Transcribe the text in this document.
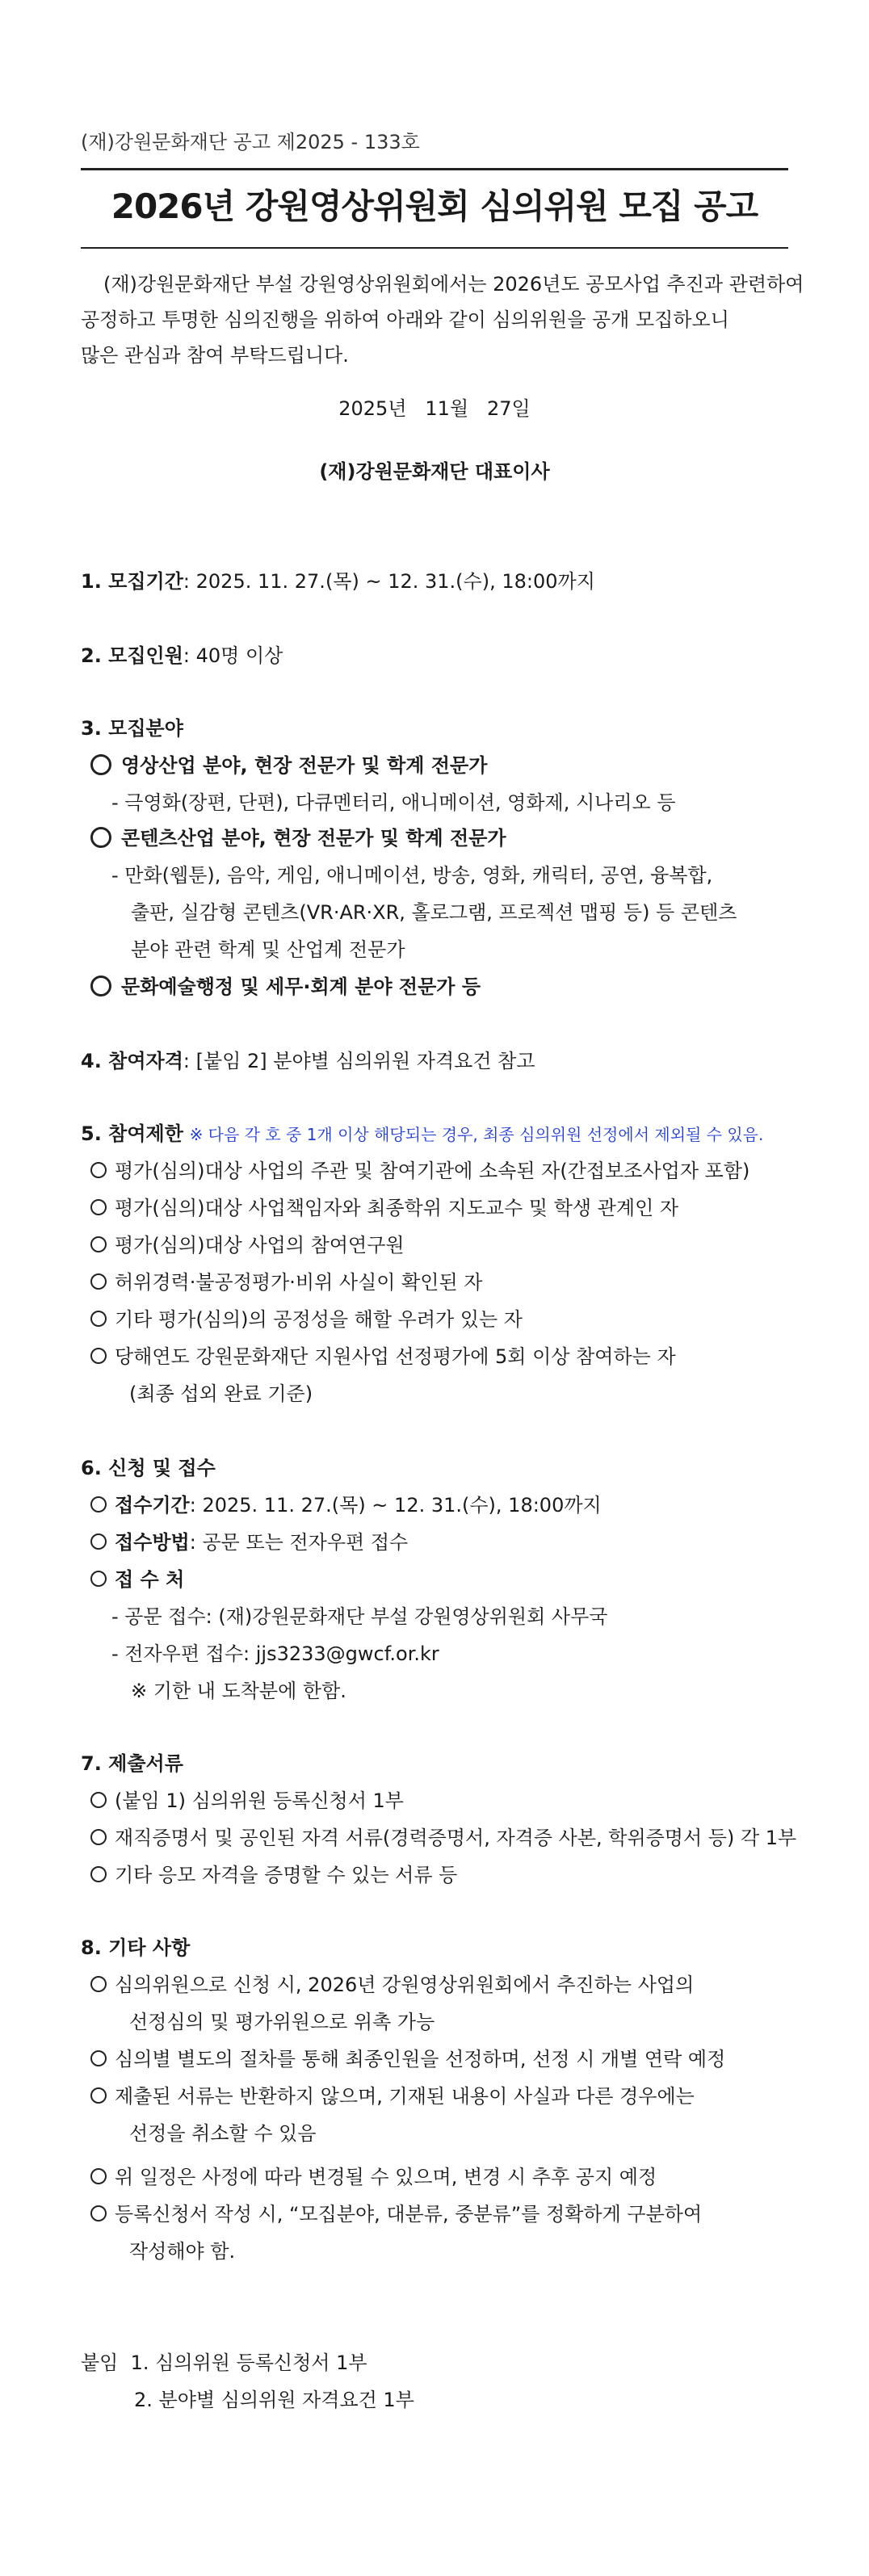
(재)강원문화재단 공고 제2025 - 133호
2026년 강원영상위원회 심의위원 모집 공고
(재)강원문화재단 부설 강원영상위원회에서는 2026년도 공모사업 추진과 관련하여
공정하고 투명한 심의진행을 위하여 아래와 같이 심의위원을 공개 모집하오니
많은 관심과 참여 부탁드립니다.
2025년   11월   27일
(재)강원문화재단 대표이사
1. 모집기간: 2025. 11. 27.(목) ~ 12. 31.(수), 18:00까지
2. 모집인원: 40명 이상
3. 모집분야
영상산업 분야, 현장 전문가 및 학계 전문가
- 극영화(장편, 단편), 다큐멘터리, 애니메이션, 영화제, 시나리오 등
콘텐츠산업 분야, 현장 전문가 및 학계 전문가
- 만화(웹툰), 음악, 게임, 애니메이션, 방송, 영화, 캐릭터, 공연, 융복합,
출판, 실감형 콘텐츠(VR·AR·XR, 홀로그램, 프로젝션 맵핑 등) 등 콘텐츠
분야 관련 학계 및 산업계 전문가
문화예술행정 및 세무·회계 분야 전문가 등
4. 참여자격: [붙임 2] 분야별 심의위원 자격요건 참고
5. 참여제한 ※ 다음 각 호 중 1개 이상 해당되는 경우, 최종 심의위원 선정에서 제외될 수 있음.
평가(심의)대상 사업의 주관 및 참여기관에 소속된 자(간접보조사업자 포함)
평가(심의)대상 사업책임자와 최종학위 지도교수 및 학생 관계인 자
평가(심의)대상 사업의 참여연구원
허위경력·불공정평가·비위 사실이 확인된 자
기타 평가(심의)의 공정성을 해할 우려가 있는 자
당해연도 강원문화재단 지원사업 선정평가에 5회 이상 참여하는 자
(최종 섭외 완료 기준)
6. 신청 및 접수
접수기간: 2025. 11. 27.(목) ~ 12. 31.(수), 18:00까지
접수방법: 공문 또는 전자우편 접수
접 수 처
- 공문 접수: (재)강원문화재단 부설 강원영상위원회 사무국
- 전자우편 접수: jjs3233@gwcf.or.kr
※ 기한 내 도착분에 한함.
7. 제출서류
(붙임 1) 심의위원 등록신청서 1부
재직증명서 및 공인된 자격 서류(경력증명서, 자격증 사본, 학위증명서 등) 각 1부
기타 응모 자격을 증명할 수 있는 서류 등
8. 기타 사항
심의위원으로 신청 시, 2026년 강원영상위원회에서 추진하는 사업의
선정심의 및 평가위원으로 위촉 가능
심의별 별도의 절차를 통해 최종인원을 선정하며, 선정 시 개별 연락 예정
제출된 서류는 반환하지 않으며, 기재된 내용이 사실과 다른 경우에는
선정을 취소할 수 있음
위 일정은 사정에 따라 변경될 수 있으며, 변경 시 추후 공지 예정
등록신청서 작성 시, “모집분야, 대분류, 중분류”를 정확하게 구분하여
작성해야 함.
붙임  1. 심의위원 등록신청서 1부
2. 분야별 심의위원 자격요건 1부
